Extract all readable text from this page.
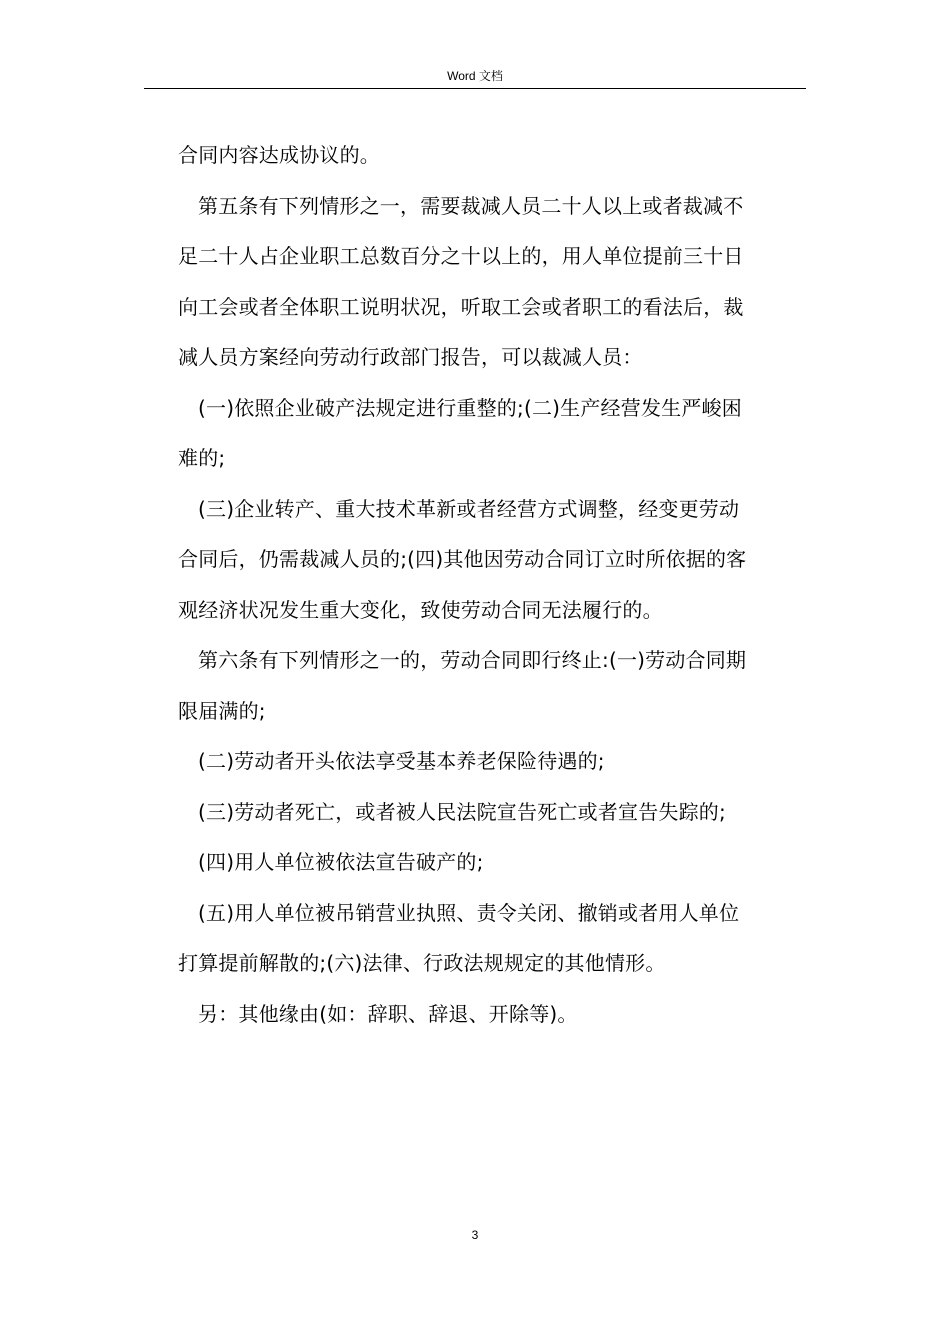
Word 文档

合同内容达成协议的。

第五条有下列情形之一，需要裁减人员二十人以上或者裁减不

足二十人占企业职工总数百分之十以上的，用人单位提前三十日

向工会或者全体职工说明状况，听取工会或者职工的看法后，裁

减人员方案经向劳动行政部门报告，可以裁减人员：

(一)依照企业破产法规定进行重整的;(二)生产经营发生严峻困

难的;

(三)企业转产、重大技术革新或者经营方式调整，经变更劳动

合同后，仍需裁减人员的;(四)其他因劳动合同订立时所依据的客

观经济状况发生重大变化，致使劳动合同无法履行的。

第六条有下列情形之一的，劳动合同即行终止:(一)劳动合同期

限届满的;

(二)劳动者开头依法享受基本养老保险待遇的;

(三)劳动者死亡，或者被人民法院宣告死亡或者宣告失踪的;

(四)用人单位被依法宣告破产的;

(五)用人单位被吊销营业执照、责令关闭、撤销或者用人单位

打算提前解散的;(六)法律、行政法规规定的其他情形。

另：其他缘由(如：辞职、辞退、开除等)。

3
